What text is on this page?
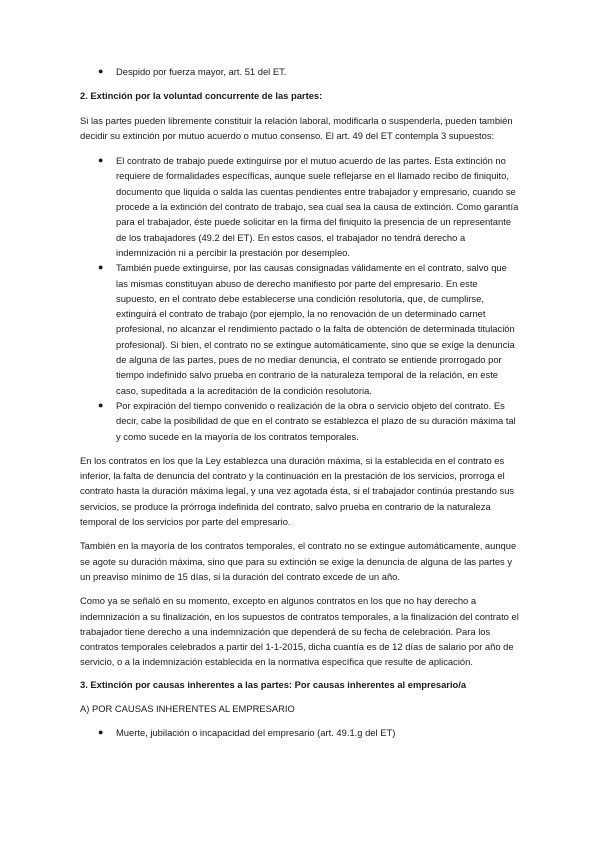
● Despido por fuerza mayor, art. 51 del ET.

2. Extinción por la voluntad concurrente de las partes:

Si las partes pueden libremente constituir la relación laboral, modificarla o suspenderla, pueden también decidir su extinción por mutuo acuerdo o mutuo consenso. El art. 49 del ET contempla 3 supuestos:

● El contrato de trabajo puede extinguirse por el mutuo acuerdo de las partes. Esta extinción no requiere de formalidades específicas, aunque suele reflejarse en el llamado recibo de finiquito, documento que liquida o salda las cuentas pendientes entre trabajador y empresario, cuando se procede a la extinción del contrato de trabajo, sea cual sea la causa de extinción. Como garantía para el trabajador, éste puede solicitar en la firma del finiquito la presencia de un representante de los trabajadores (49.2 del ET). En estos casos, el trabajador no tendrá derecho a indemnización ni a percibir la prestación por desempleo.
● También puede extinguirse, por las causas consignadas válidamente en el contrato, salvo que las mismas constituyan abuso de derecho manifiesto por parte del empresario. En este supuesto, en el contrato debe establecerse una condición resolutoria, que, de cumplirse, extinguirá el contrato de trabajo (por ejemplo, la no renovación de un determinado carnet profesional, no alcanzar el rendimiento pactado o la falta de obtención de determinada titulación profesional). Si bien, el contrato no se extingue automáticamente, sino que se exige la denuncia de alguna de las partes, pues de no mediar denuncia, el contrato se entiende prorrogado por tiempo indefinido salvo prueba en contrario de la naturaleza temporal de la relación, en este caso, supeditada a la acreditación de la condición resolutoria.
● Por expiración del tiempo convenido o realización de la obra o servicio objeto del contrato. Es decir, cabe la posibilidad de que en el contrato se establezca el plazo de su duración máxima tal y como sucede en la mayoría de los contratos temporales.

En los contratos en los que la Ley establezca una duración máxima, si la establecida en el contrato es inferior, la falta de denuncia del contrato y la continuación en la prestación de los servicios, prorroga el contrato hasta la duración máxima legal, y una vez agotada ésta, si el trabajador continúa prestando sus servicios, se produce la prórroga indefinida del contrato, salvo prueba en contrario de la naturaleza temporal de los servicios por parte del empresario.

También en la mayoría de los contratos temporales, el contrato no se extingue automáticamente, aunque se agote su duración máxima, sino que para su extinción se exige la denuncia de alguna de las partes y un preaviso mínimo de 15 días, si la duración del contrato excede de un año.

Como ya se señaló en su momento, excepto en algunos contratos en los que no hay derecho a indemnización a su finalización, en los supuestos de contratos temporales, a la finalización del contrato el trabajador tiene derecho a una indemnización que dependerá de su fecha de celebración. Para los contratos temporales celebrados a partir del 1-1-2015, dicha cuantía es de 12 días de salario por año de servicio, o a la indemnización establecida en la normativa específica que resulte de aplicación.

3. Extinción por causas inherentes a las partes: Por causas inherentes al empresario/a

A) POR CAUSAS INHERENTES AL EMPRESARIO

● Muerte, jubilación o incapacidad del empresario (art. 49.1.g del ET)
